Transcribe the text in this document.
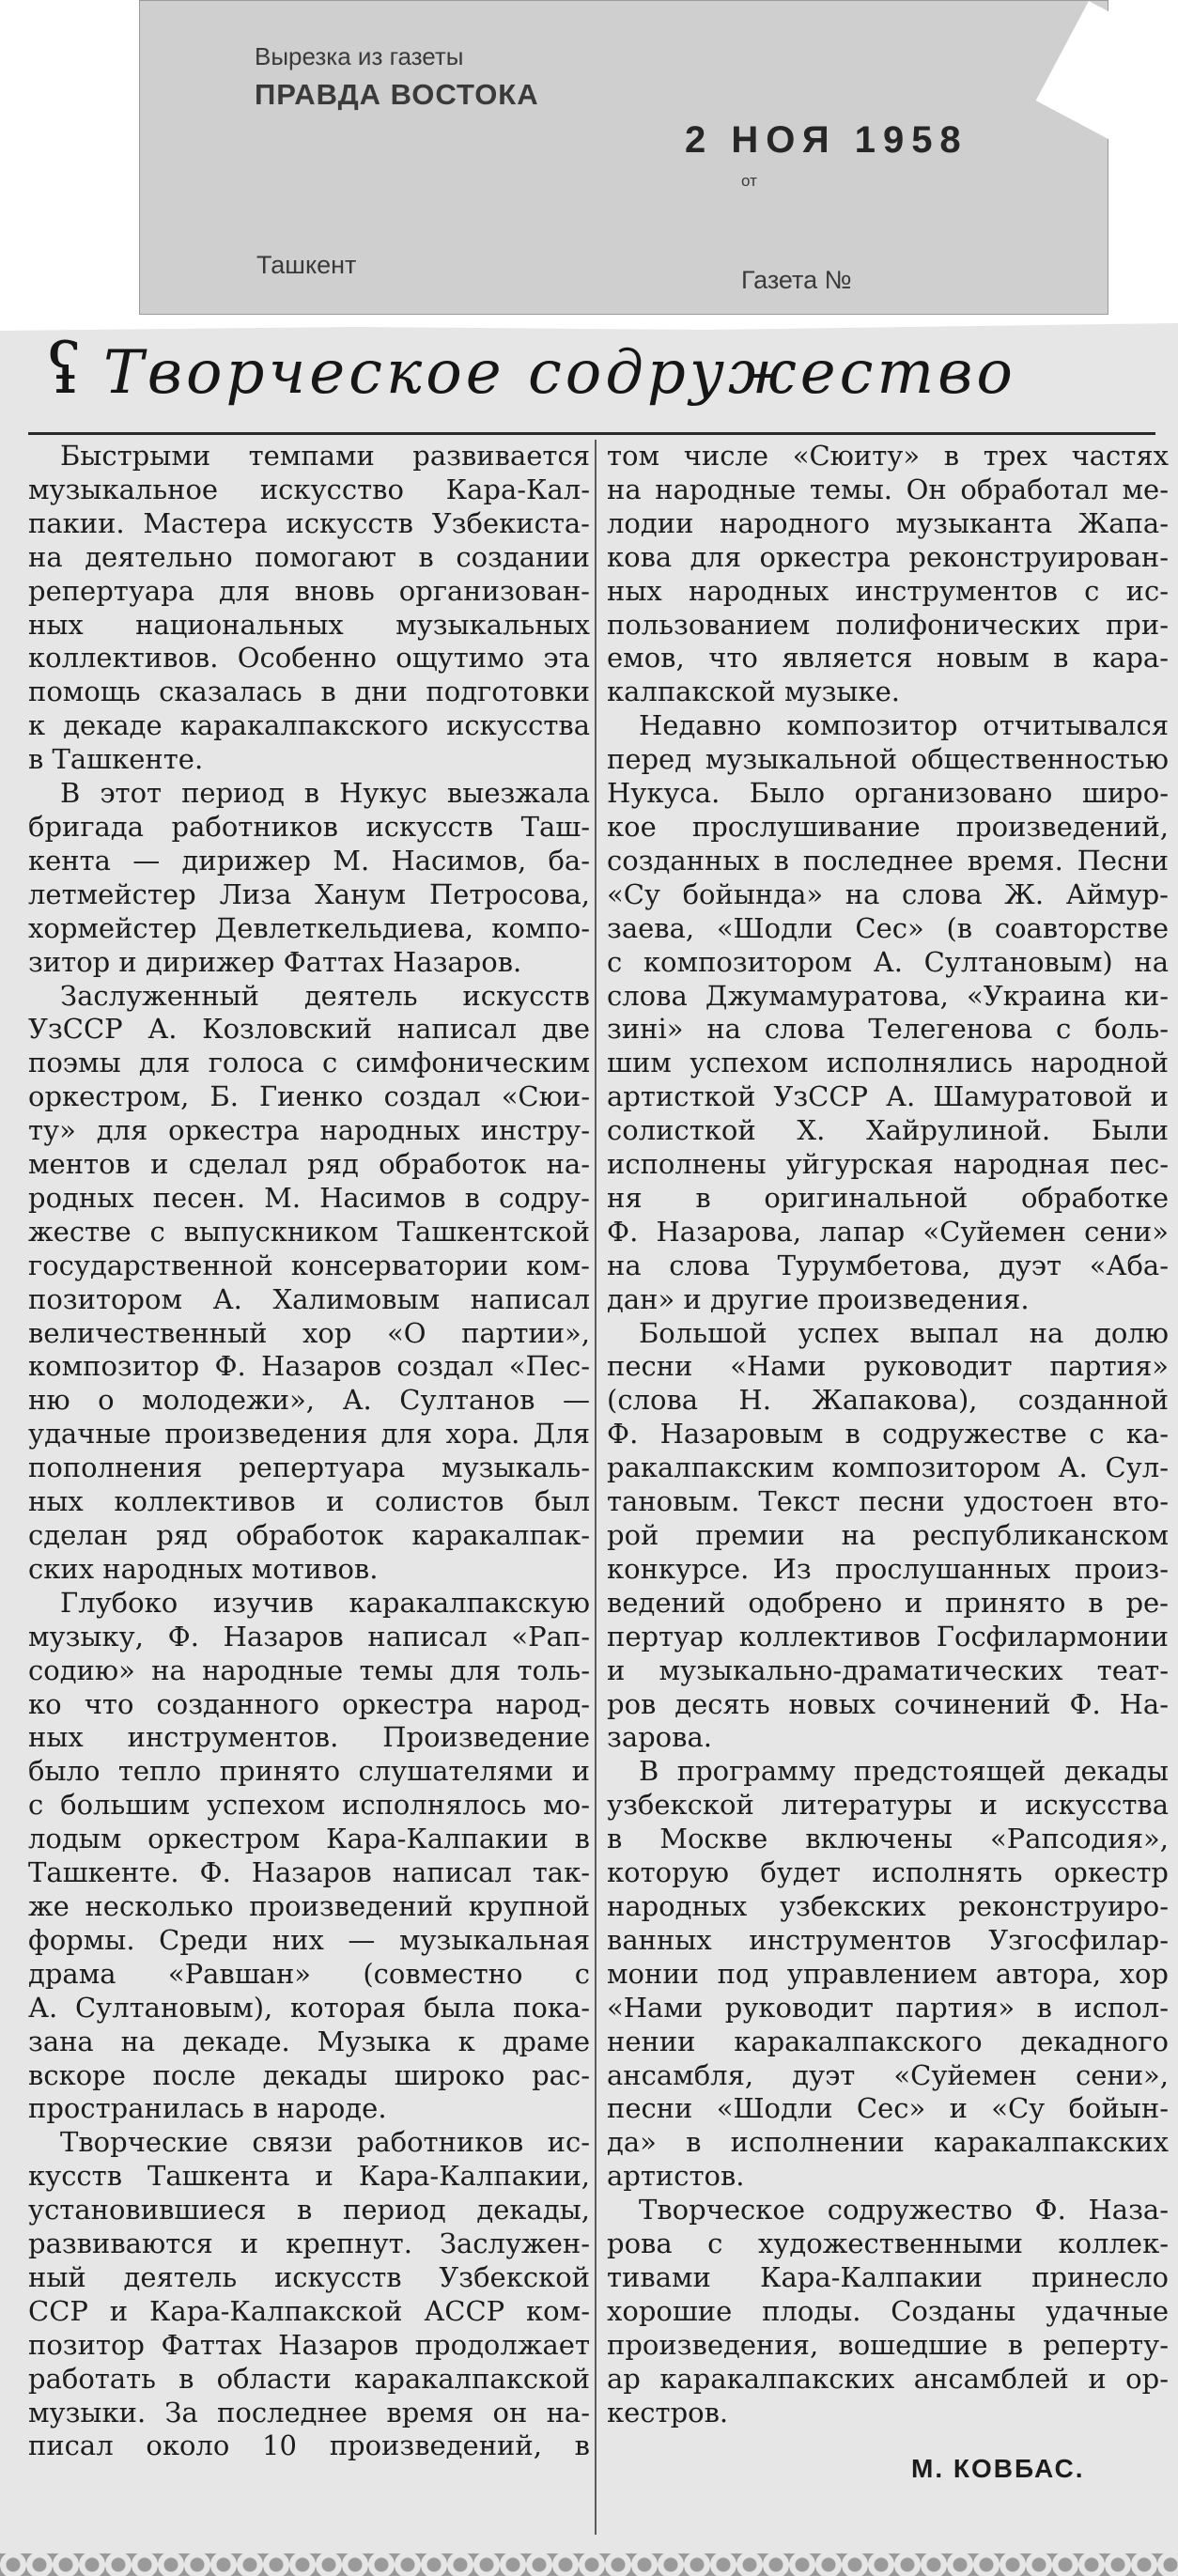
Вырезка из газеты
ПРАВДА ВОСТОКА
2 НОЯ 1958
от
Ташкент
Газета №
ʢ Творческое содружество
Быстрыми темпами развивается
музыкальное искусство Кара-Кал-
пакии. Мастера искусств Узбекиста-
на деятельно помогают в создании
репертуара для вновь организован-
ных национальных музыкальных
коллективов. Особенно ощутимо эта
помощь сказалась в дни подготовки
к декаде каракалпакского искусства
в Ташкенте.
В этот период в Нукус выезжала
бригада работников искусств Таш-
кента — дирижер М. Насимов, ба-
летмейстер Лиза Ханум Петросова,
хормейстер Девлеткельдиева, компо-
зитор и дирижер Фаттах Назаров.
Заслуженный деятель искусств
УзССР А. Козловский написал две
поэмы для голоса с симфоническим
оркестром, Б. Гиенко создал «Сюи-
ту» для оркестра народных инстру-
ментов и сделал ряд обработок на-
родных песен. М. Насимов в содру-
жестве с выпускником Ташкентской
государственной консерватории ком-
позитором А. Халимовым написал
величественный хор «О партии»,
композитор Ф. Назаров создал «Пес-
ню о молодежи», А. Султанов —
удачные произведения для хора. Для
пополнения репертуара музыкаль-
ных коллективов и солистов был
сделан ряд обработок каракалпак-
ских народных мотивов.
Глубоко изучив каракалпакскую
музыку, Ф. Назаров написал «Рап-
содию» на народные темы для толь-
ко что созданного оркестра народ-
ных инструментов. Произведение
было тепло принято слушателями и
с большим успехом исполнялось мо-
лодым оркестром Кара-Калпакии в
Ташкенте. Ф. Назаров написал так-
же несколько произведений крупной
формы. Среди них — музыкальная
драма «Равшан» (совместно с
А. Султановым), которая была пока-
зана на декаде. Музыка к драме
вскоре после декады широко рас-
пространилась в народе.
Творческие связи работников ис-
кусств Ташкента и Кара-Калпакии,
установившиеся в период декады,
развиваются и крепнут. Заслужен-
ный деятель искусств Узбекской
ССР и Кара-Калпакской АССР ком-
позитор Фаттах Назаров продолжает
работать в области каракалпакской
музыки. За последнее время он на-
писал около 10 произведений, в
том числе «Сюиту» в трех частях
на народные темы. Он обработал ме-
лодии народного музыканта Жапа-
кова для оркестра реконструирован-
ных народных инструментов с ис-
пользованием полифонических при-
емов, что является новым в кара-
калпакской музыке.
Недавно композитор отчитывался
перед музыкальной общественностью
Нукуса. Было организовано широ-
кое прослушивание произведений,
созданных в последнее время. Песни
«Су бойында» на слова Ж. Аймур-
заева, «Шодли Сес» (в соавторстве
с композитором А. Султановым) на
слова Джумамуратова, «Украина ки-
зинi» на слова Телегенова с боль-
шим успехом исполнялись народной
артисткой УзССР А. Шамуратовой и
солисткой Х. Хайрулиной. Были
исполнены уйгурская народная пес-
ня в оригинальной обработке
Ф. Назарова, лапар «Суйемен сени»
на слова Турумбетова, дуэт «Аба-
дан» и другие произведения.
Большой успех выпал на долю
песни «Нами руководит партия»
(слова Н. Жапакова), созданной
Ф. Назаровым в содружестве с ка-
ракалпакским композитором А. Сул-
тановым. Текст песни удостоен вто-
рой премии на республиканском
конкурсе. Из прослушанных произ-
ведений одобрено и принято в ре-
пертуар коллективов Госфилармонии
и музыкально-драматических теат-
ров десять новых сочинений Ф. На-
зарова.
В программу предстоящей декады
узбекской литературы и искусства
в Москве включены «Рапсодия»,
которую будет исполнять оркестр
народных узбекских реконструиро-
ванных инструментов Узгосфилар-
монии под управлением автора, хор
«Нами руководит партия» в испол-
нении каракалпакского декадного
ансамбля, дуэт «Суйемен сени»,
песни «Шодли Сес» и «Су бойын-
да» в исполнении каракалпакских
артистов.
Творческое содружество Ф. Наза-
рова с художественными коллек-
тивами Кара-Калпакии принесло
хорошие плоды. Созданы удачные
произведения, вошедшие в реперту-
ар каракалпакских ансамблей и ор-
кестров.
М. КОВБАС.
